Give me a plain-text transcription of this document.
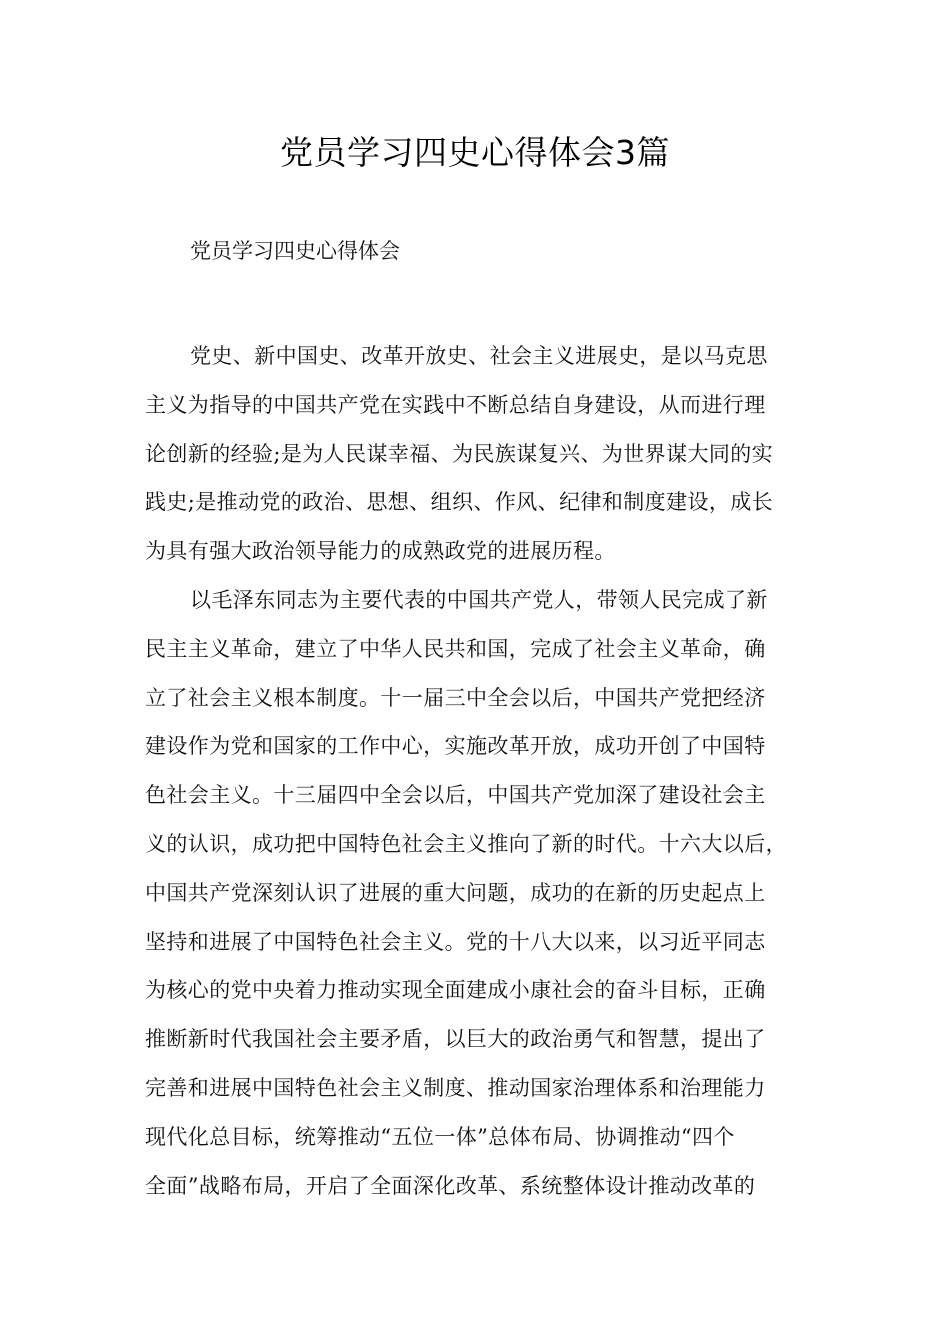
党员学习四史心得体会3篇
党员学习四史心得体会
党史、新中国史、改革开放史、社会主义进展史，是以马克思
主义为指导的中国共产党在实践中不断总结自身建设，从而进行理
论创新的经验;是为人民谋幸福、为民族谋复兴、为世界谋大同的实
践史;是推动党的政治、思想、组织、作风、纪律和制度建设，成长
为具有强大政治领导能力的成熟政党的进展历程。
以毛泽东同志为主要代表的中国共产党人，带领人民完成了新
民主主义革命，建立了中华人民共和国，完成了社会主义革命，确
立了社会主义根本制度。十一届三中全会以后，中国共产党把经济
建设作为党和国家的工作中心，实施改革开放，成功开创了中国特
色社会主义。十三届四中全会以后，中国共产党加深了建设社会主
义的认识，成功把中国特色社会主义推向了新的时代。十六大以后，
中国共产党深刻认识了进展的重大问题，成功的在新的历史起点上
坚持和进展了中国特色社会主义。党的十八大以来，以习近平同志
为核心的党中央着力推动实现全面建成小康社会的奋斗目标，正确
推断新时代我国社会主要矛盾，以巨大的政治勇气和智慧，提出了
完善和进展中国特色社会主义制度、推动国家治理体系和治理能力
现代化总目标，统筹推动“五位一体”总体布局、协调推动“四个
全面”战略布局，开启了全面深化改革、系统整体设计推动改革的
